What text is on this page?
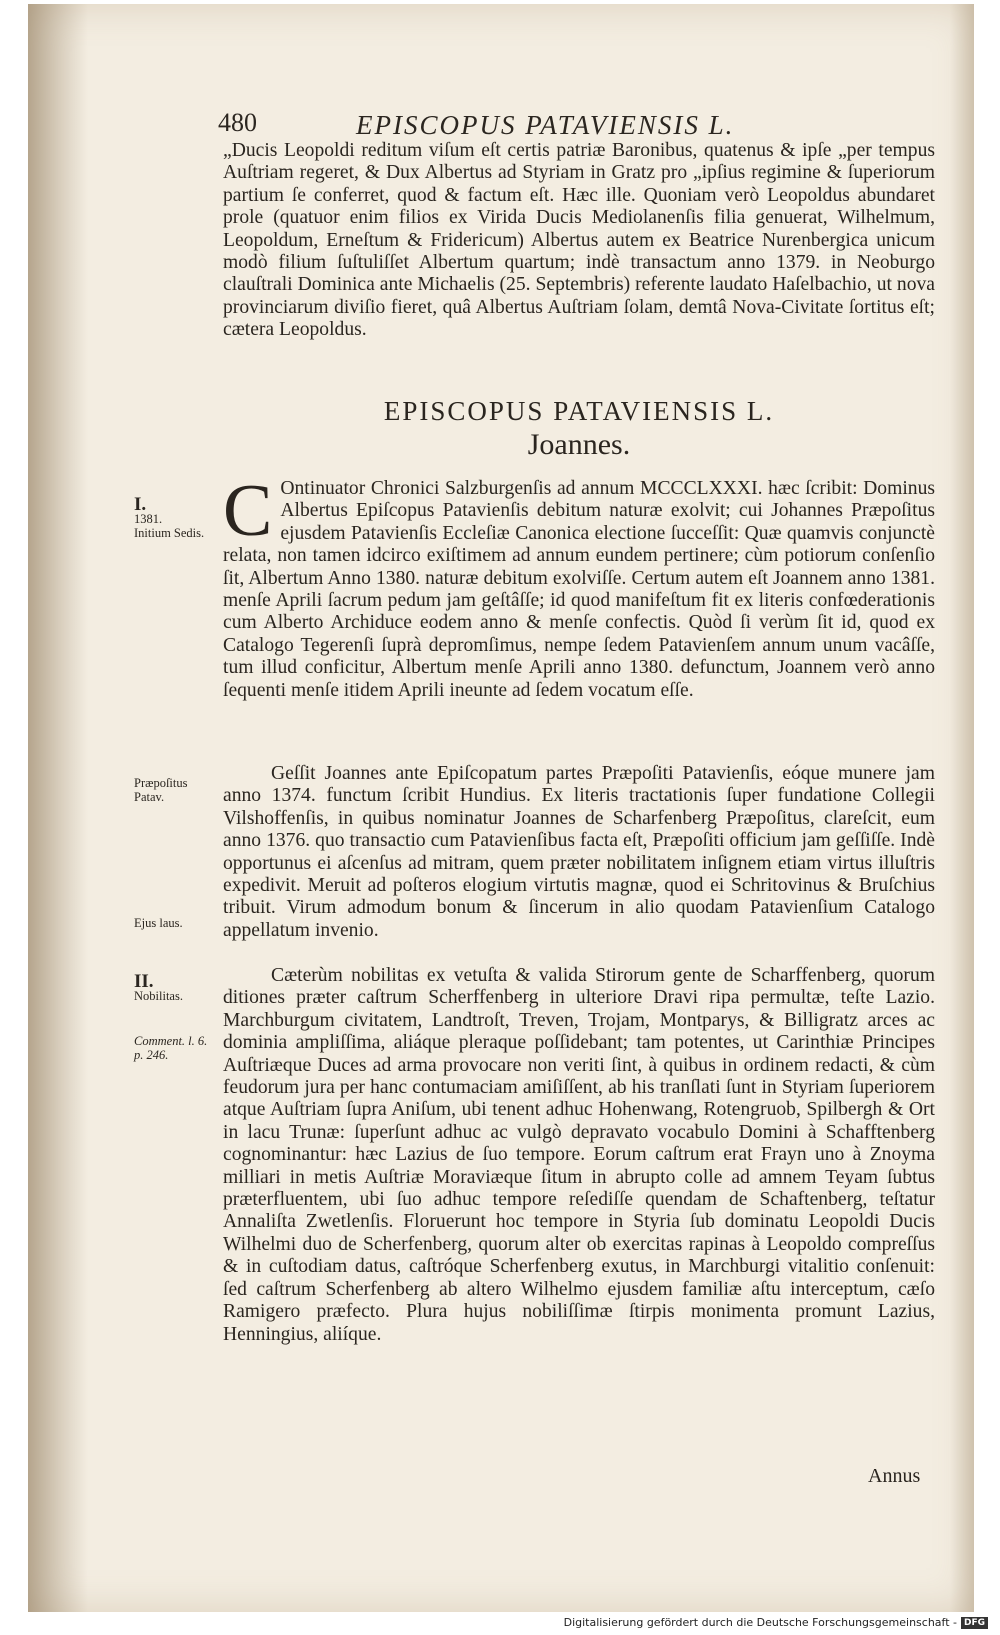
480	EPISCOPUS PATAVIENSIS L.

„Ducis Leopoldi reditum viſum eſt certis patriæ Baronibus, quatenus & ipſe „per tempus Auſtriam regeret, & Dux Albertus ad Styriam in Gratz pro „ipſius regimine & ſuperiorum partium ſe conferret, quod & factum eſt. Hæc ille. Quoniam verò Leopoldus abundaret prole (quatuor enim filios ex Virida Ducis Mediolanenſis filia genuerat, Wilhelmum, Leopoldum, Erneſtum & Fridericum) Albertus autem ex Beatrice Nurenbergica unicum modò filium ſuſtuliſſet Albertum quartum; indè transactum anno 1379. in Neoburgo clauſtrali Dominica ante Michaelis (25. Septembris) referente laudato Haſelbachio, ut nova provinciarum diviſio fieret, quâ Albertus Auſtriam ſolam, demtâ Nova-Civitate ſortitus eſt; cætera Leopoldus.

EPISCOPUS PATAVIENSIS L.
Joannes.
C Ontinuator Chronici Salzburgenſis ad annum MCCCLXXXI. hæc ſcribit: Dominus Albertus Epiſcopus Patavienſis debitum naturæ exolvit; cui Johannes Præpoſitus ejusdem Patavienſis Eccleſiæ Canonica electione ſucceſſit: Quæ quamvis conjunctè relata, non tamen idcirco exiſtimem ad annum eundem pertinere; cùm potiorum conſenſio ſit, Albertum Anno 1380. naturæ debitum exolviſſe. Certum autem eſt Joannem anno 1381. menſe Aprili ſacrum pedum jam geſtâſſe; id quod manifeſtum fit ex literis confœderationis cum Alberto Archiduce eodem anno & menſe confectis. Quòd ſi verùm ſit id, quod ex Catalogo Tegerenſi ſuprà depromſimus, nempe ſedem Patavienſem annum unum vacâſſe, tum illud conficitur, Albertum menſe Aprili anno 1380. defunctum, Joannem verò anno ſequenti menſe itidem Aprili ineunte ad ſedem vocatum eſſe.

Geſſit Joannes ante Epiſcopatum partes Præpoſiti Patavienſis, eóque munere jam anno 1374. functum ſcribit Hundius. Ex literis tractationis ſuper fundatione Collegii Vilshoffenſis, in quibus nominatur Joannes de Scharfenberg Præpoſitus, clareſcit, eum anno 1376. quo transactio cum Patavienſibus facta eſt, Præpoſiti officium jam geſſiſſe. Indè opportunus ei aſcenſus ad mitram, quem præter nobilitatem inſignem etiam virtus illuſtris expedivit. Meruit ad poſteros elogium virtutis magnæ, quod ei Schritovinus & Bruſchius tribuit. Virum admodum bonum & ſincerum in alio quodam Patavienſium Catalogo appellatum invenio.

Cæterùm nobilitas ex vetuſta & valida Stirorum gente de Scharffenberg, quorum ditiones præter caſtrum Scherffenberg in ulteriore Dravi ripa permultæ, teſte Lazio. Marchburgum civitatem, Landtroſt, Treven, Trojam, Montparys, & Billigratz arces ac dominia ampliſſima, aliáque pleraque poſſidebant; tam potentes, ut Carinthiæ Principes Auſtriæque Duces ad arma provocare non veriti ſint, à quibus in ordinem redacti, & cùm feudorum jura per hanc contumaciam amiſiſſent, ab his tranſlati ſunt in Styriam ſuperiorem atque Auſtriam ſupra Aniſum, ubi tenent adhuc Hohenwang, Rotengruob, Spilbergh & Ort in lacu Trunæ: ſuperſunt adhuc ac vulgò depravato vocabulo Domini à Schafftenberg cognominantur: hæc Lazius de ſuo tempore. Eorum caſtrum erat Frayn uno à Znoyma milliari in metis Auſtriæ Moraviæque ſitum in abrupto colle ad amnem Teyam ſubtus præterfluentem, ubi ſuo adhuc tempore reſediſſe quendam de Schaftenberg, teſtatur Annaliſta Zwetlenſis. Floruerunt hoc tempore in Styria ſub dominatu Leopoldi Ducis Wilhelmi duo de Scherfenberg, quorum alter ob exercitas rapinas à Leopoldo compreſſus & in cuſtodiam datus, caſtróque Scherfenberg exutus, in Marchburgi vitalitio conſenuit: ſed caſtrum Scherfenberg ab altero Wilhelmo ejusdem familiæ aſtu interceptum, cæſo Ramigero præfecto. Plura hujus nobiliſſimæ ſtirpis monimenta promunt Lazius, Henningius, aliíque.

I.
1381.
Initium Sedis.
Præpoſitus Patav.
Ejus laus.
II.
Nobilitas.
Comment. l. 6. p. 246.
Annus
Digitalisierung gefördert durch die Deutsche Forschungsgemeinschaft - DFG
